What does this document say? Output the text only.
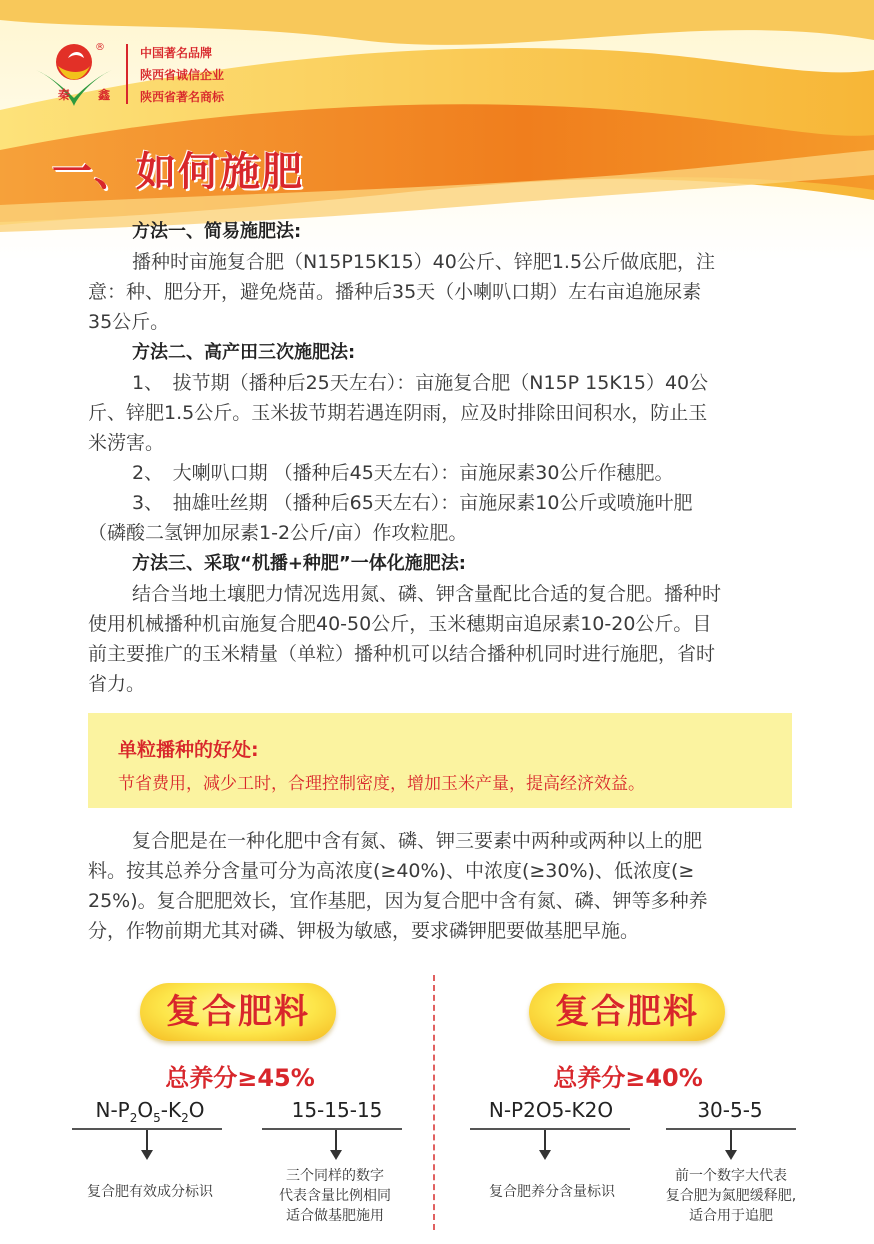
®
秦 鑫
中国著名品牌
陕西省诚信企业
陕西省著名商标
一、如何施肥
方法一、简易施肥法:
播种时亩施复合肥（N15P15K15）40公斤、锌肥1.5公斤做底肥，注
意：种、肥分开，避免烧苗。播种后35天（小喇叭口期）左右亩追施尿素
35公斤。
方法二、高产田三次施肥法:
1、　拔节期（播种后25天左右）：亩施复合肥（N15P 15K15）40公
斤、锌肥1.5公斤。玉米拔节期若遇连阴雨，应及时排除田间积水，防止玉
米涝害。
2、　大喇叭口期 （播种后45天左右）：亩施尿素30公斤作穗肥。
3、　抽雄吐丝期 （播种后65天左右）：亩施尿素10公斤或喷施叶肥
（磷酸二氢钾加尿素1-2公斤/亩）作攻粒肥。
方法三、采取“机播+种肥”一体化施肥法:
结合当地土壤肥力情况选用氮、磷、钾含量配比合适的复合肥。播种时
使用机械播种机亩施复合肥40-50公斤，玉米穗期亩追尿素10-20公斤。目
前主要推广的玉米精量（单粒）播种机可以结合播种机同时进行施肥，省时
省力。
单粒播种的好处:
节省费用，减少工时，合理控制密度，增加玉米产量，提高经济效益。
复合肥是在一种化肥中含有氮、磷、钾三要素中两种或两种以上的肥
料。按其总养分含量可分为高浓度(≥40%)、中浓度(≥30%)、低浓度(≥
25%)。复合肥肥效长，宜作基肥，因为复合肥中含有氮、磷、钾等多种养
分，作物前期尤其对磷、钾极为敏感，要求磷钾肥要做基肥早施。
复合肥料
总养分≥45%
$N-P_2O_5-K_2O$	15-15-15
复合肥有效成分标识
三个同样的数字
代表含量比例相同
适合做基肥施用
复合肥料
总养分≥40%
N-P2O5-K2O	30-5-5
复合肥养分含量标识
前一个数字大代表
复合肥为氮肥缓释肥,
适合用于追肥
